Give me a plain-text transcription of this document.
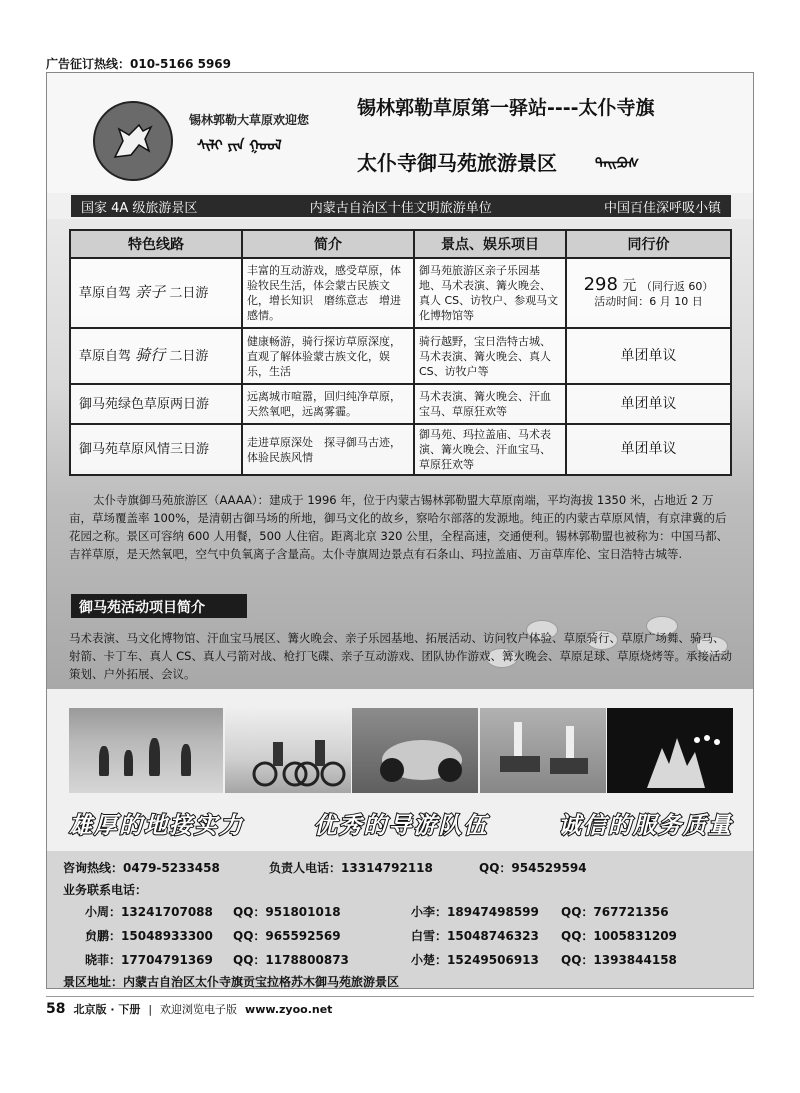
广告征订热线：010-5166 5969
锡林郭勒大草原欢迎您
ᠰᠢᠯᠢ ᠶᠢᠨ ᠭᠣᠣᠯ
锡林郭勒草原第一驿站----太仆寺旗
太仆寺御马苑旅游景区	ᠲᠠᠢᠫᠤᠰ
国家 4A 级旅游景区	内蒙古自治区十佳文明旅游单位	中国百佳深呼吸小镇
特色线路	简介	景点、娱乐项目	同行价
草原自驾 亲子 二日游	丰富的互动游戏，感受草原，体验牧民生活，体会蒙古民族文化，增长知识　磨练意志　增进感情。	御马苑旅游区亲子乐园基地、马术表演、篝火晚会、真人 CS、访牧户、参观马文化博物馆等	298 元 （同行返 60）
活动时间：6 月 10 日

草原自驾 骑行 二日游	健康畅游，骑行探访草原深度，直观了解体验蒙古族文化，娱乐，生活	骑行越野，宝日浩特古城、马术表演、篝火晚会、真人 CS、访牧户等	单团单议
御马苑绿色草原两日游	远离城市喧嚣，回归纯净草原，天然氧吧，远离雾霾。	马术表演、篝火晚会、汗血宝马、草原狂欢等	单团单议
御马苑草原风情三日游	走进草原深处　探寻御马古迹，体验民族风情	御马苑、玛拉盖庙、马术表演、篝火晚会、汗血宝马、草原狂欢等	单团单议

太仆寺旗御马苑旅游区（AAAA）：建成于 1996 年，位于内蒙古锡林郭勒盟大草原南端，平均海拔 1350 米，占地近 2 万亩，草场覆盖率 100%，是清朝古御马场的所地，御马文化的故乡，察哈尔部落的发源地。纯正的内蒙古草原风情，有京津冀的后花园之称。景区可容纳 600 人用餐，500 人住宿。距离北京 320 公里，全程高速，交通便利。锡林郭勒盟也被称为：中国马都、吉祥草原，是天然氧吧，空气中负氧离子含量高。太仆寺旗周边景点有石条山、玛拉盖庙、万亩草库伦、宝日浩特古城等.

御马苑活动项目简介

马术表演、马文化博物馆、汗血宝马展区、篝火晚会、亲子乐园基地、拓展活动、访问牧户体验、草原骑行、草原广场舞、骑马、射箭、卡丁车、真人 CS、真人弓箭对战、枪打飞碟、亲子互动游戏、团队协作游戏、篝火晚会、草原足球、草原烧烤等。承接活动策划、户外拓展、会议。

雄厚的地接实力	优秀的导游队伍	诚信的服务质量
咨询热线：0479-5233458	负责人电话：13314792118	QQ：954529594
业务联系电话：
小周：13241707088 QQ：951801018	小李：18947498599 QQ：767721356
贠鹏：15048933300 QQ：965592569	白雪：15048746323 QQ：1005831209
晓菲：17704791369 QQ：1178800873	小楚：15249506913 QQ：1393844158
景区地址：内蒙古自治区太仆寺旗贡宝拉格苏木御马苑旅游景区
58 北京版 · 下册 | 欢迎浏览电子版 www.zyoo.net
